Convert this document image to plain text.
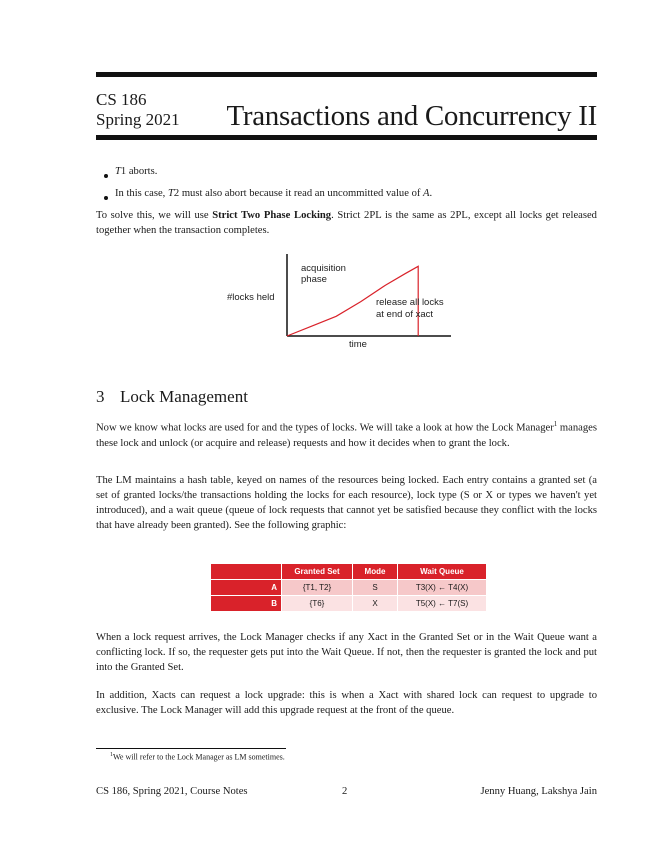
CS 186
Spring 2021 Transactions and Concurrency II
T1 aborts.
In this case, T2 must also abort because it read an uncommitted value of A.
To solve this, we will use Strict Two Phase Locking. Strict 2PL is the same as 2PL, except all locks get released together when the transaction completes.
#locks held
time
acquisition phase
release all locks at end of xact
3 Lock Management
Now we know what locks are used for and the types of locks. We will take a look at how the Lock Manager$^1$ manages these lock and unlock (or acquire and release) requests and how it decides when to grant the lock.
The LM maintains a hash table, keyed on names of the resources being locked. Each entry contains a granted set (a set of granted locks/the transactions holding the locks for each resource), lock type (S or X or types we haven't yet introduced), and a wait queue (queue of lock requests that cannot yet be satisfied because they conflict with the locks that have already been granted). See the following graphic:
	Granted Set	Mode	Wait Queue
A	{T1, T2}	S	T3(X) ← T4(X)
B	{T6}	X	T5(X) ← T7(S)
When a lock request arrives, the Lock Manager checks if any Xact in the Granted Set or in the Wait Queue want a conflicting lock. If so, the requester gets put into the Wait Queue. If not, then the requester is granted the lock and put into the Granted Set.
In addition, Xacts can request a lock upgrade: this is when a Xact with shared lock can request to upgrade to exclusive. The Lock Manager will add this upgrade request at the front of the queue.
$^1$We will refer to the Lock Manager as LM sometimes.
CS 186, Spring 2021, Course Notes	2	Jenny Huang, Lakshya Jain
